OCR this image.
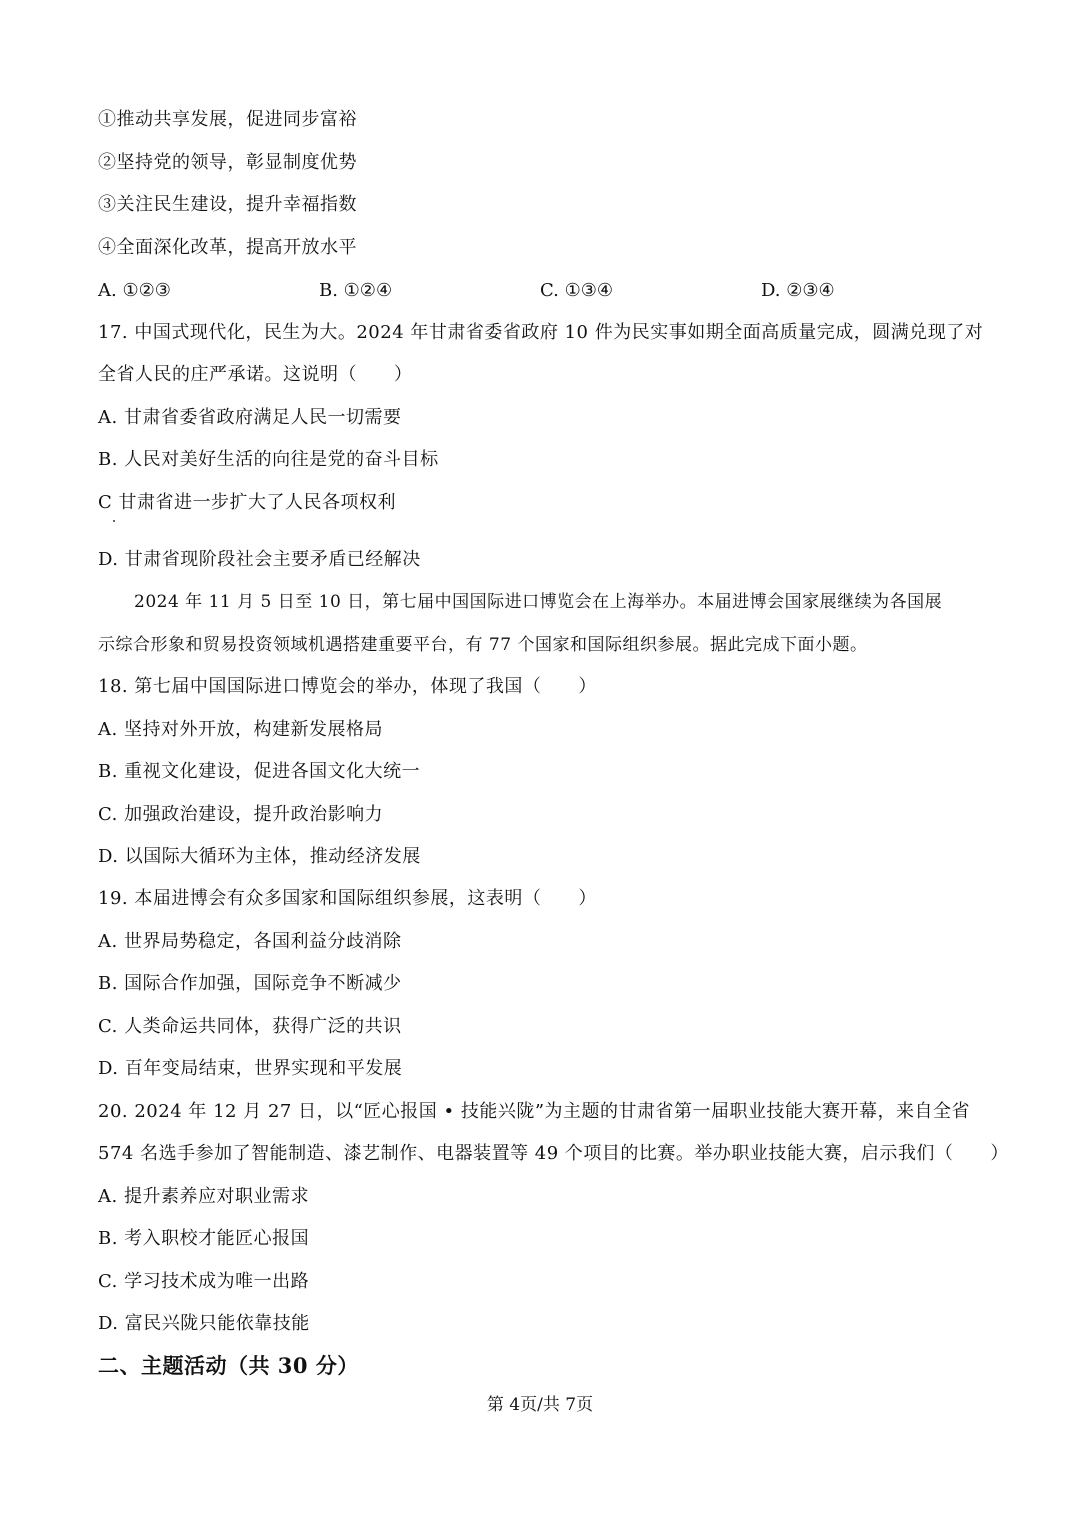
①推动共享发展，促进同步富裕
②坚持党的领导，彰显制度优势
③关注民生建设，提升幸福指数
④全面深化改革，提高开放水平
A. ①②③	B. ①②④	C. ①③④	D. ②③④
17. 中国式现代化，民生为大。2024 年甘肃省委省政府 10 件为民实事如期全面高质量完成，圆满兑现了对
全省人民的庄严承诺。这说明（　　）
A. 甘肃省委省政府满足人民一切需要
B. 人民对美好生活的向往是党的奋斗目标
C 甘肃省进一步扩大了人民各项权利
D. 甘肃省现阶段社会主要矛盾已经解决
2024 年 11 月 5 日至 10 日，第七届中国国际进口博览会在上海举办。本届进博会国家展继续为各国展
示综合形象和贸易投资领域机遇搭建重要平台，有 77 个国家和国际组织参展。据此完成下面小题。
18. 第七届中国国际进口博览会的举办，体现了我国（　　）
A. 坚持对外开放，构建新发展格局
B. 重视文化建设，促进各国文化大统一
C. 加强政治建设，提升政治影响力
D. 以国际大循环为主体，推动经济发展
19. 本届进博会有众多国家和国际组织参展，这表明（　　）
A. 世界局势稳定，各国利益分歧消除
B. 国际合作加强，国际竞争不断减少
C. 人类命运共同体，获得广泛的共识
D. 百年变局结束，世界实现和平发展
20. 2024 年 12 月 27 日，以“匠心报国 • 技能兴陇”为主题的甘肃省第一届职业技能大赛开幕，来自全省
574 名选手参加了智能制造、漆艺制作、电器装置等 49 个项目的比赛。举办职业技能大赛，启示我们（　　）
A. 提升素养应对职业需求
B. 考入职校才能匠心报国
C. 学习技术成为唯一出路
D. 富民兴陇只能依靠技能
二、主题活动（共 30 分）
第 4页/共 7页
